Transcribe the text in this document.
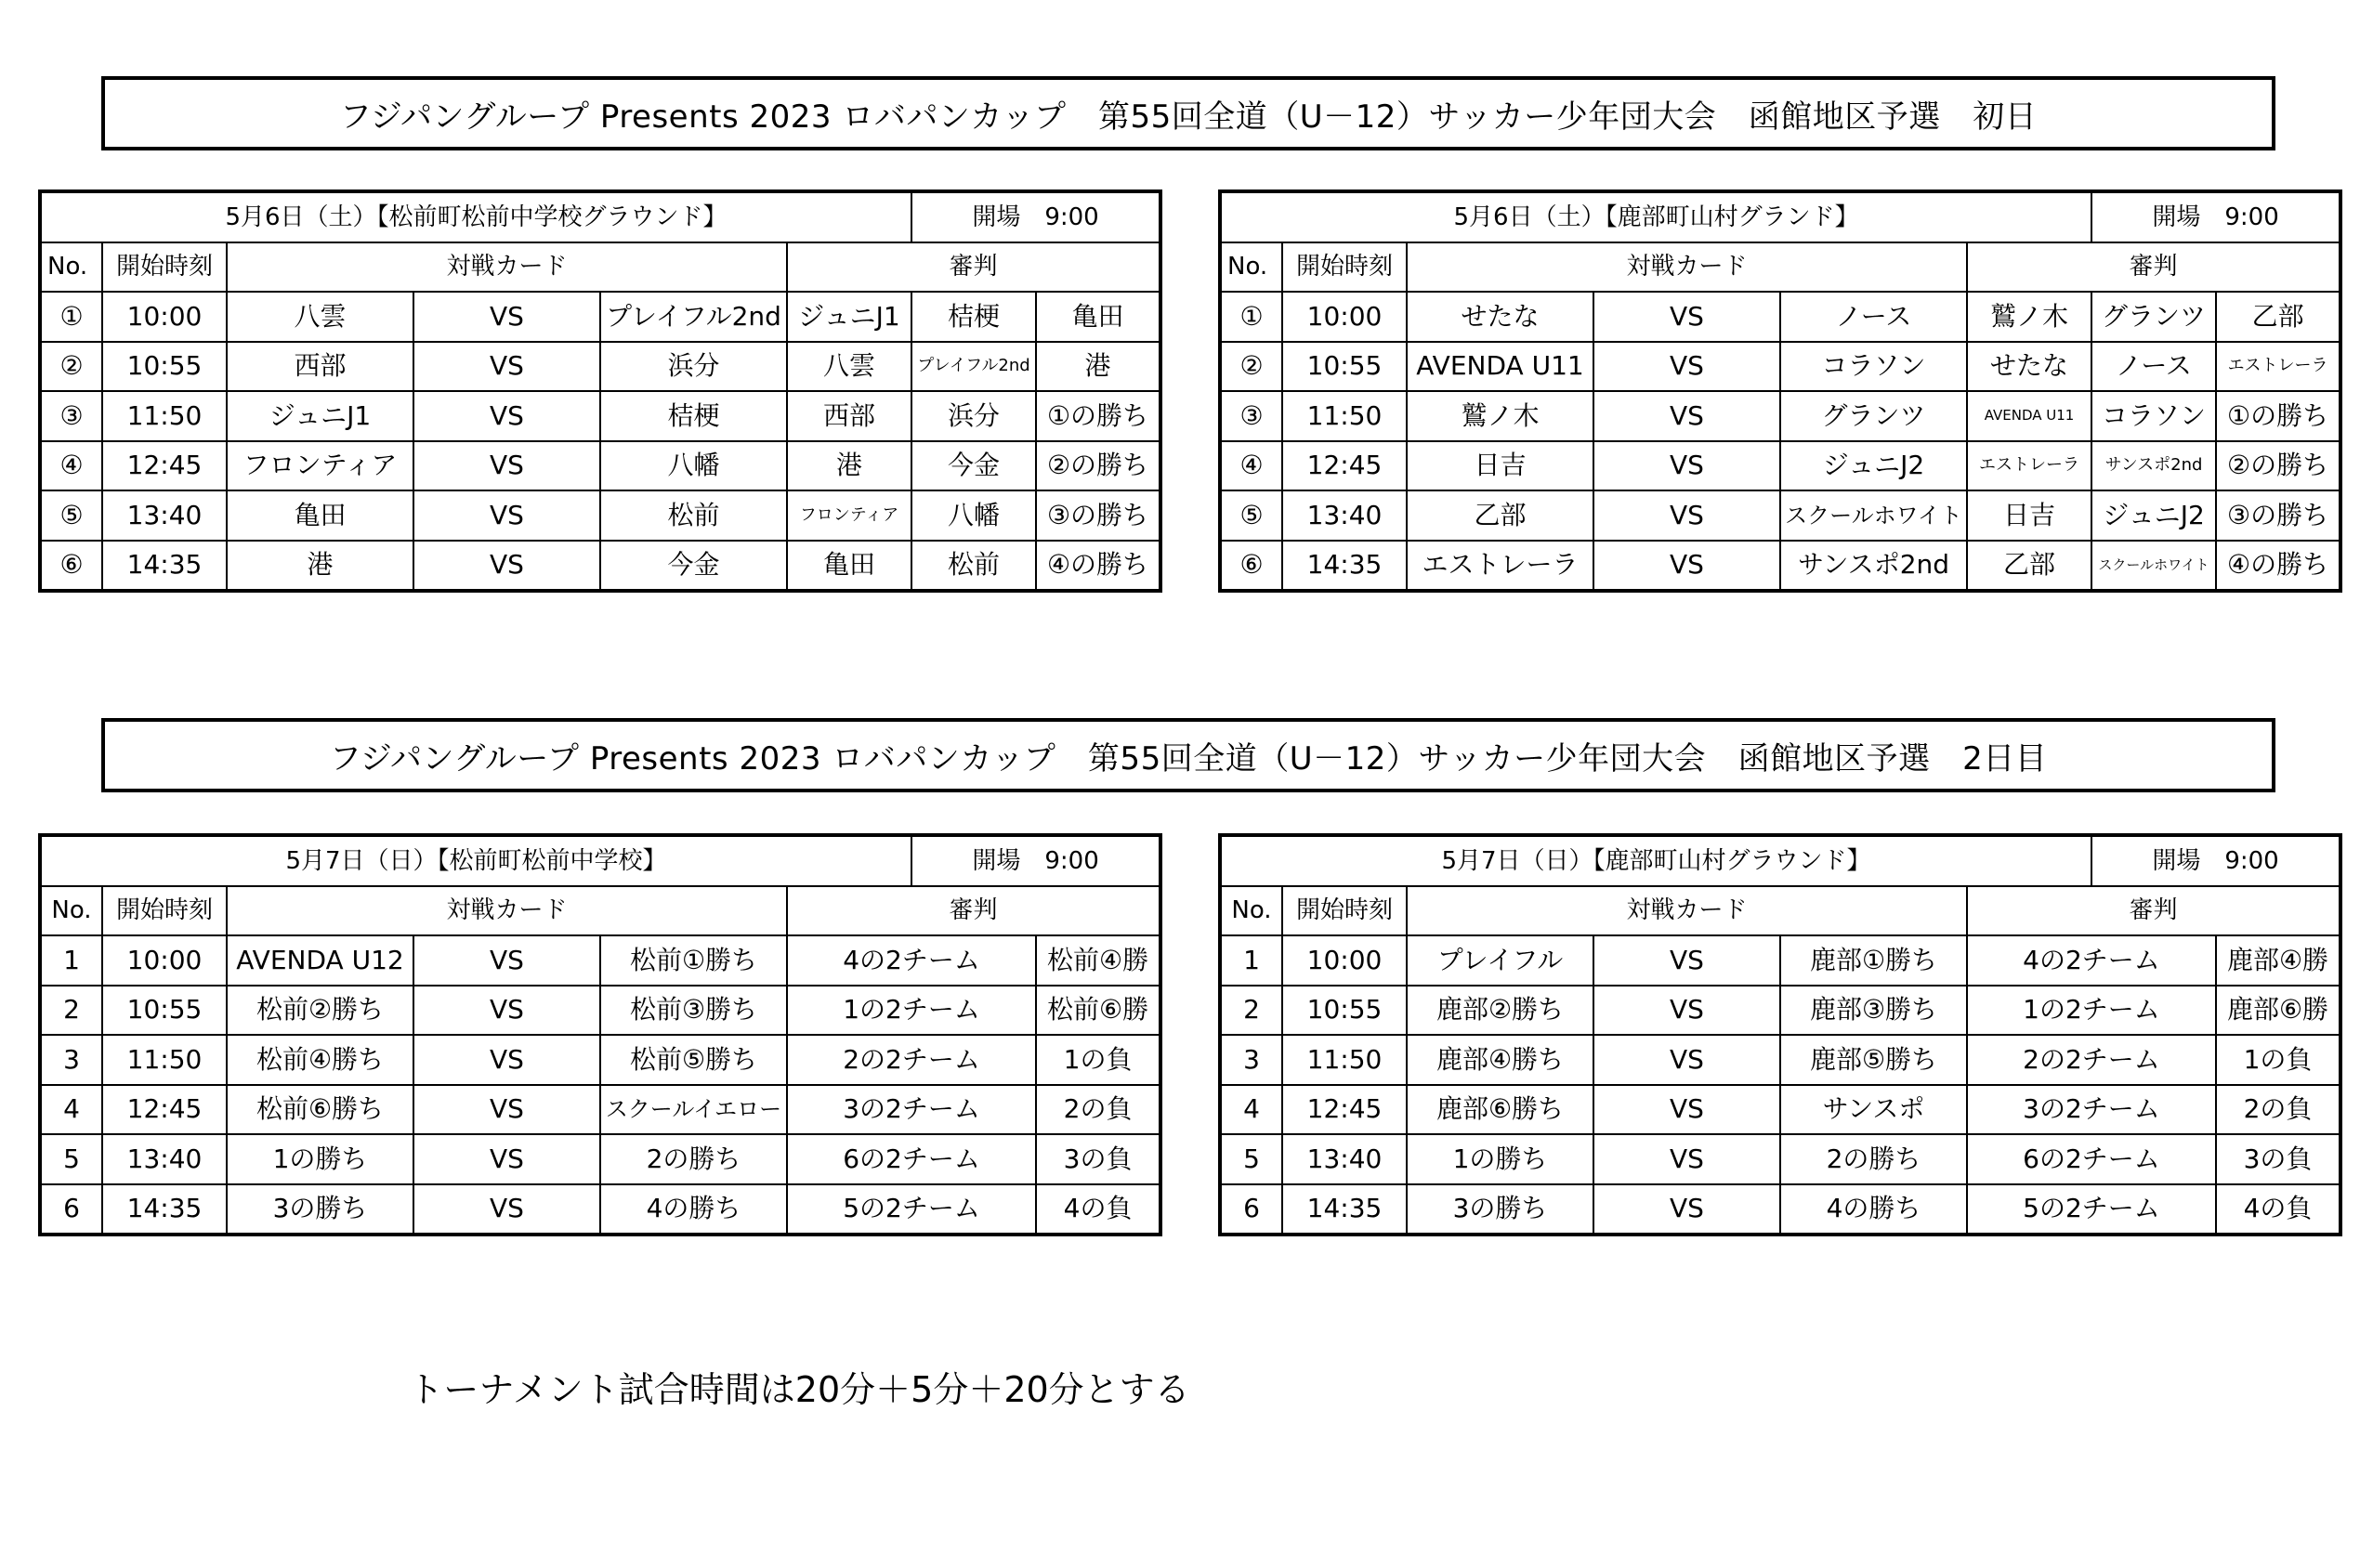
フジパングループ Presents 2023 ロバパンカップ　第55回全道（U－12）サッカー少年団大会　函館地区予選　初日
5月6日（土）【松前町松前中学校グラウンド】						開場　9:00	
No.	開始時刻	対戦カード			審判		
①	10:00	八雲	VS	プレイフル2nd	ジュニJ1	桔梗	亀田
②	10:55	西部	VS	浜分	八雲	プレイフル2nd	港
③	11:50	ジュニJ1	VS	桔梗	西部	浜分	①の勝ち
④	12:45	フロンティア	VS	八幡	港	今金	②の勝ち
⑤	13:40	亀田	VS	松前	フロンティア	八幡	③の勝ち
⑥	14:35	港	VS	今金	亀田	松前	④の勝ち
5月6日（土）【鹿部町山村グランド】						開場　9:00	
No.	開始時刻	対戦カード			審判		
①	10:00	せたな	VS	ノース	鷲ノ木	グランツ	乙部
②	10:55	AVENDA U11	VS	コラソン	せたな	ノース	エストレーラ
③	11:50	鷲ノ木	VS	グランツ	AVENDA U11	コラソン	①の勝ち
④	12:45	日吉	VS	ジュニJ2	エストレーラ	サンスポ2nd	②の勝ち
⑤	13:40	乙部	VS	スクールホワイト	日吉	ジュニJ2	③の勝ち
⑥	14:35	エストレーラ	VS	サンスポ2nd	乙部	スクールホワイト	④の勝ち
フジパングループ Presents 2023 ロバパンカップ　第55回全道（U－12）サッカー少年団大会　函館地区予選　2日目
5月7日（日）【松前町松前中学校】						開場　9:00	
No.	開始時刻	対戦カード			審判		
1	10:00	AVENDA U12	VS	松前①勝ち	4の2チーム		松前④勝
2	10:55	松前②勝ち	VS	松前③勝ち	1の2チーム		松前⑥勝
3	11:50	松前④勝ち	VS	松前⑤勝ち	2の2チーム		1の負
4	12:45	松前⑥勝ち	VS	スクールイエロー	3の2チーム		2の負
5	13:40	1の勝ち	VS	2の勝ち	6の2チーム		3の負
6	14:35	3の勝ち	VS	4の勝ち	5の2チーム		4の負
5月7日（日）【鹿部町山村グラウンド】						開場　9:00	
No.	開始時刻	対戦カード			審判		
1	10:00	プレイフル	VS	鹿部①勝ち	4の2チーム		鹿部④勝
2	10:55	鹿部②勝ち	VS	鹿部③勝ち	1の2チーム		鹿部⑥勝
3	11:50	鹿部④勝ち	VS	鹿部⑤勝ち	2の2チーム		1の負
4	12:45	鹿部⑥勝ち	VS	サンスポ	3の2チーム		2の負
5	13:40	1の勝ち	VS	2の勝ち	6の2チーム		3の負
6	14:35	3の勝ち	VS	4の勝ち	5の2チーム		4の負
トーナメント試合時間は20分＋5分＋20分とする
